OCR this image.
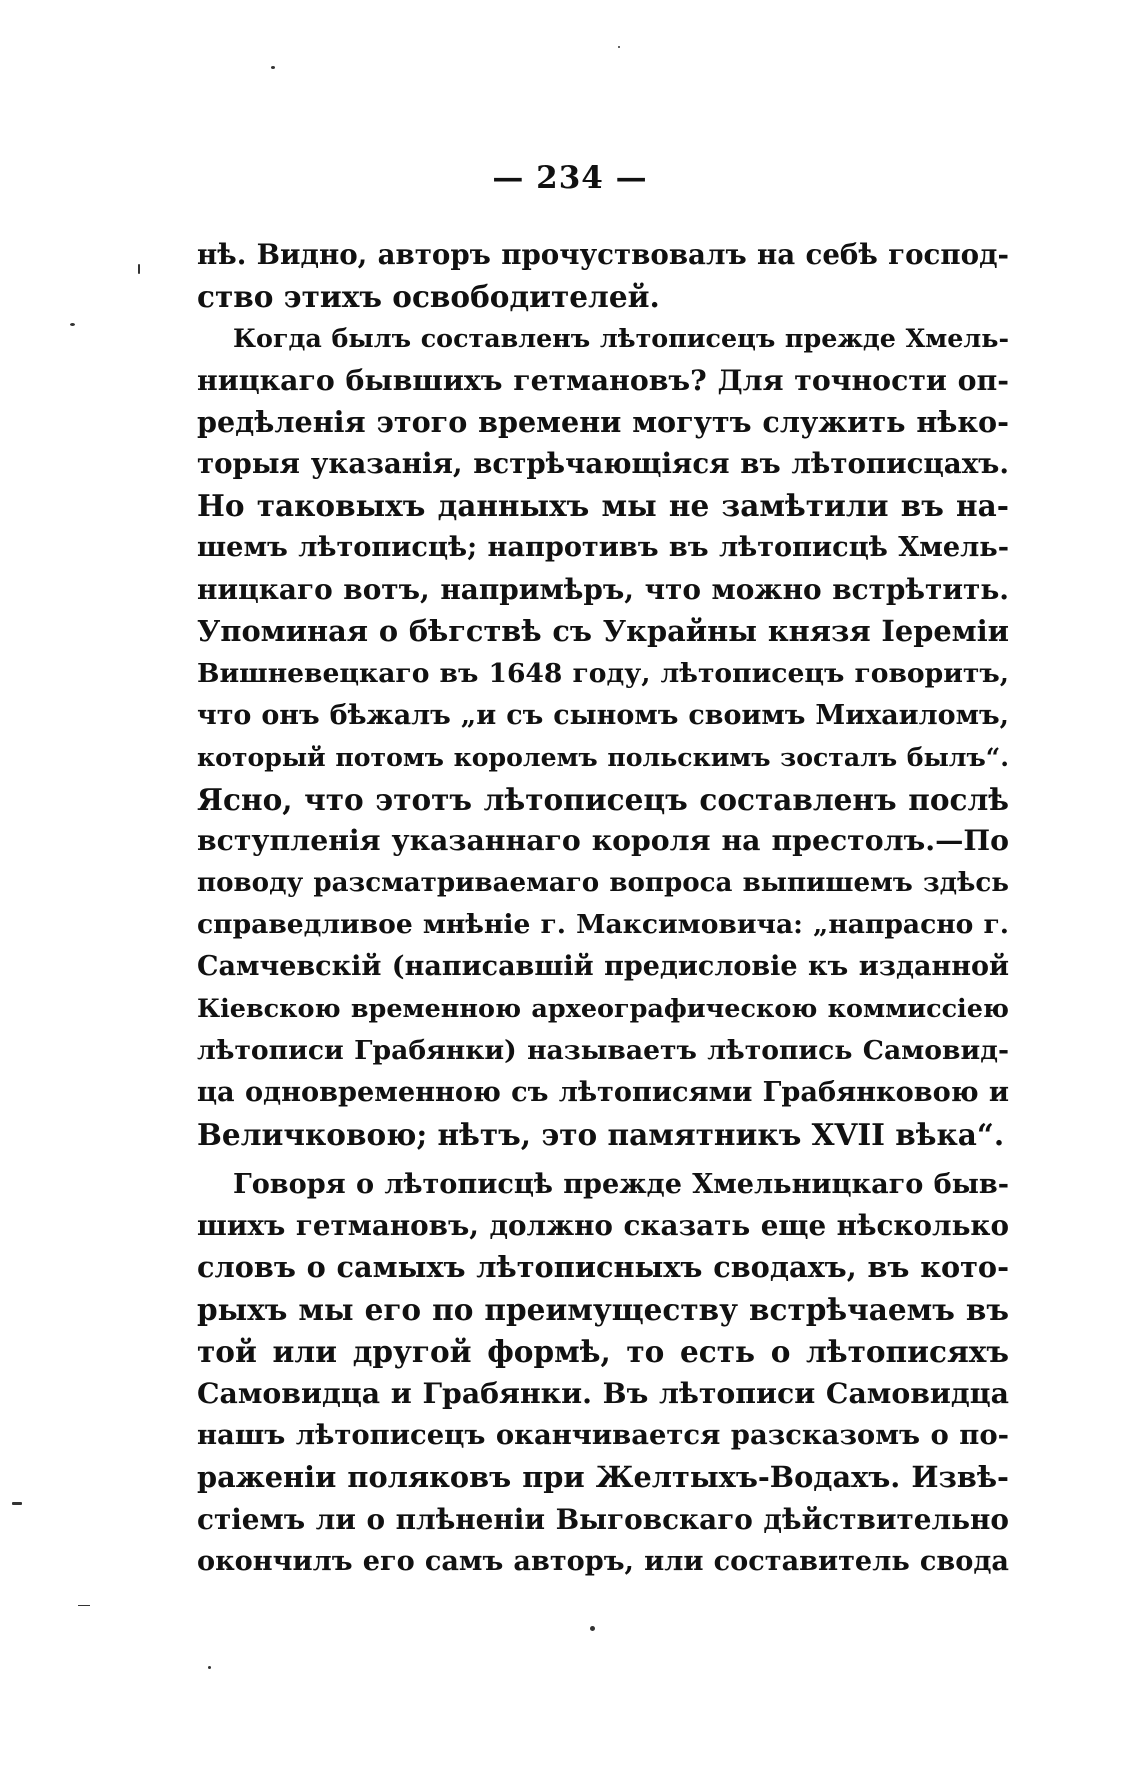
— 234 —
нѣ. Видно, авторъ прочуствовалъ на себѣ господ-
ство этихъ освободителей.
Когда былъ составленъ лѣтописецъ прежде Хмель-
ницкаго бывшихъ гетмановъ? Для точности оп-
редѣленія этого времени могутъ служить нѣко-
торыя указанія, встрѣчающіяся въ лѣтописцахъ.
Но таковыхъ данныхъ мы не замѣтили въ на-
шемъ лѣтописцѣ; напротивъ въ лѣтописцѣ Хмель-
ницкаго вотъ, напримѣръ, что можно встрѣтить.
Упоминая о бѣгствѣ съ Украйны князя Іереміи
Вишневецкаго въ 1648 году, лѣтописецъ говоритъ,
что онъ бѣжалъ „и съ сыномъ своимъ Михаиломъ,
который потомъ королемъ польскимъ зосталъ былъ“.
Ясно, что этотъ лѣтописецъ составленъ послѣ
вступленія указаннаго короля на престолъ.—По
поводу разсматриваемаго вопроса выпишемъ здѣсь
справедливое мнѣніе г. Максимовича: „напрасно г.
Самчевскій (написавшій предисловіе къ изданной
Кіевскою временною археографическою коммиссіею
лѣтописи Грабянки) называетъ лѣтопись Самовид-
ца одновременною съ лѣтописями Грабянковою и
Величковою; нѣтъ, это памятникъ XVII вѣка“.
Говоря о лѣтописцѣ прежде Хмельницкаго быв-
шихъ гетмановъ, должно сказать еще нѣсколько
словъ о самыхъ лѣтописныхъ сводахъ, въ кото-
рыхъ мы его по преимуществу встрѣчаемъ въ
той или другой формѣ, то есть о лѣтописяхъ
Самовидца и Грабянки. Въ лѣтописи Самовидца
нашъ лѣтописецъ оканчивается разсказомъ о по-
раженіи поляковъ при Желтыхъ-Водахъ. Извѣ-
стіемъ ли о плѣненіи Выговскаго дѣйствительно
окончилъ его самъ авторъ, или составитель свода
